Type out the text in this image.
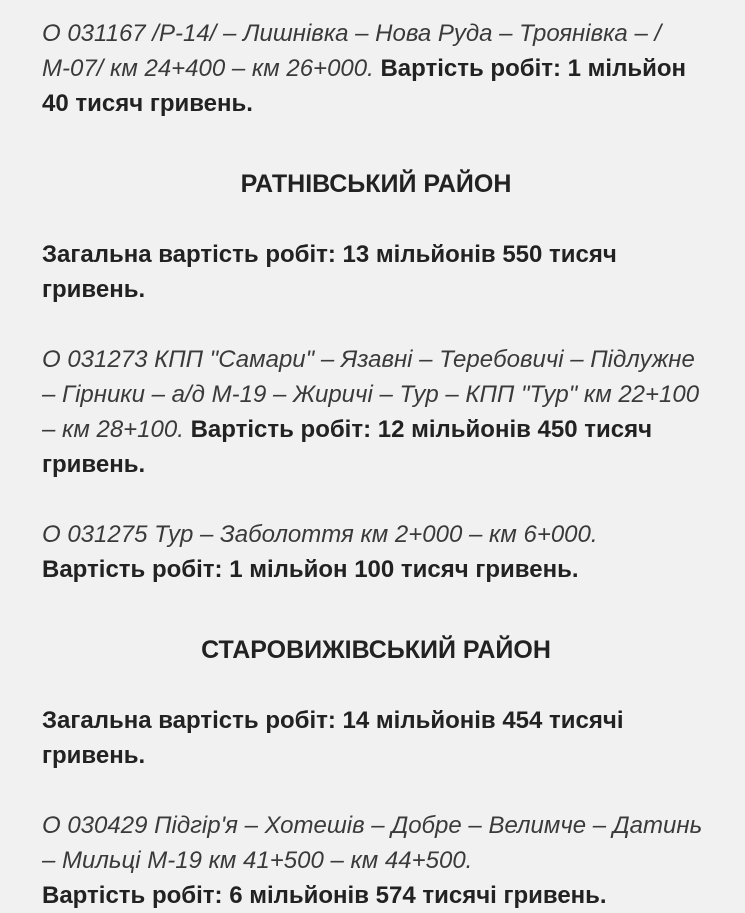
О 031167 /Р-14/ – Лишнівка – Нова Руда – Троянівка – /М-07/ км 24+400 – км 26+000. Вартість робіт: 1 мільйон 40 тисяч гривень.

РАТНІВСЬКИЙ РАЙОН

Загальна вартість робіт: 13 мільйонів 550 тисяч гривень.

О 031273 КПП "Самари" – Язавні – Теребовичі – Підлужне – Гірники – а/д М-19 – Жиричі – Тур – КПП "Тур" км 22+100 – км 28+100. Вартість робіт: 12 мільйонів 450 тисяч гривень.

О 031275 Тур – Заболоття км 2+000 – км 6+000.
Вартість робіт: 1 мільйон 100 тисяч гривень.

СТАРОВИЖІВСЬКИЙ РАЙОН

Загальна вартість робіт: 14 мільйонів 454 тисячі гривень.

О 030429 Підгір'я – Хотешів – Добре – Велимче – Датинь – Мильці М-19 км 41+500 – км 44+500.
Вартість робіт: 6 мільйонів 574 тисячі гривень.
